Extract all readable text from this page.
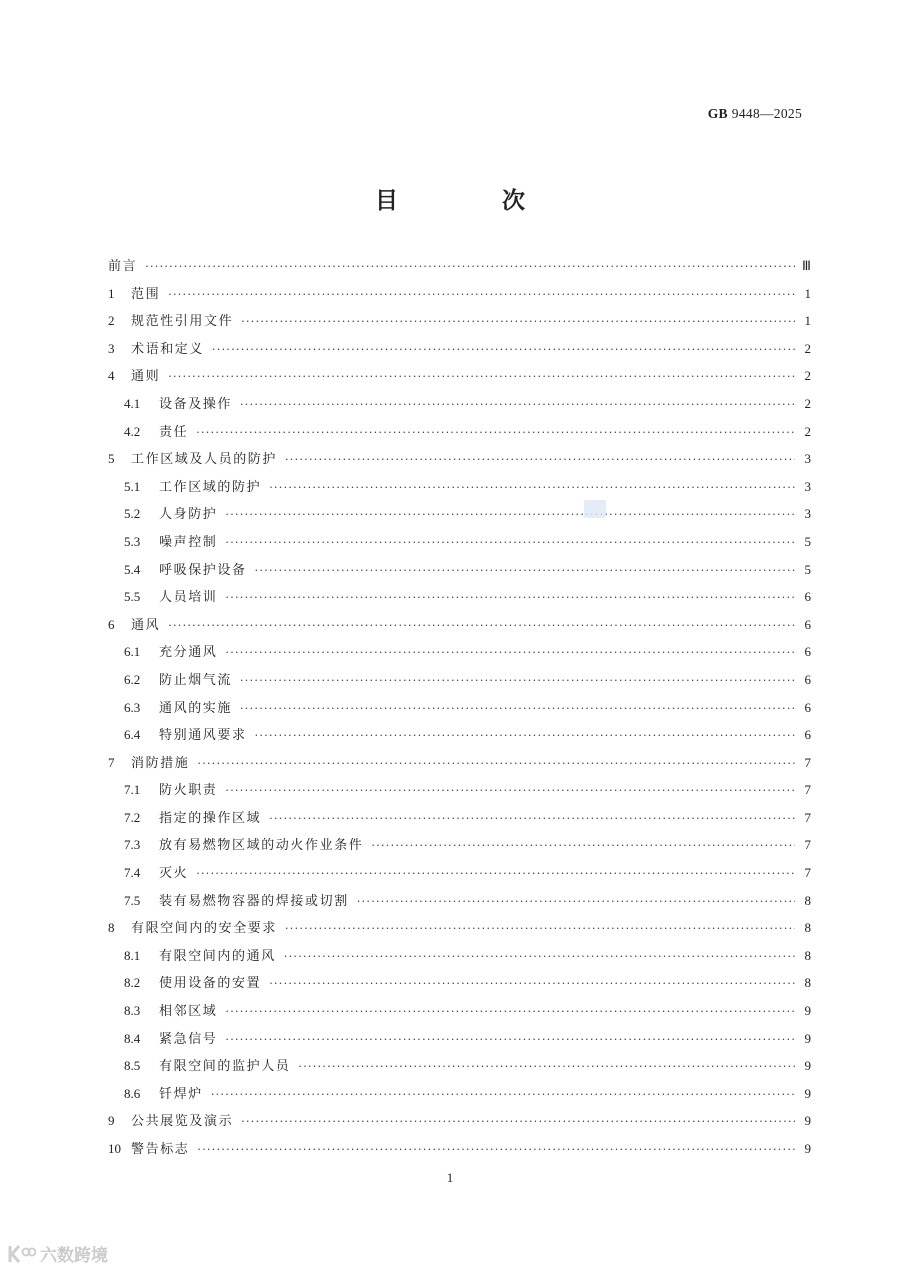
GB 9448—2025
目 次
前言 ·····	Ⅲ
1	范围 ·····	1
2	规范性引用文件 ·····	1
3	术语和定义 ·····	2
4	通则 ·····	2
4.1	设备及操作 ·····	2
4.2	责任 ·····	2
5	工作区域及人员的防护 ·····	3
5.1	工作区域的防护 ·····	3
5.2	人身防护 ·····	3
5.3	噪声控制 ·····	5
5.4	呼吸保护设备 ·····	5
5.5	人员培训 ·····	6
6	通风 ·····	6
6.1	充分通风 ·····	6
6.2	防止烟气流 ·····	6
6.3	通风的实施 ·····	6
6.4	特别通风要求 ·····	6
7	消防措施 ·····	7
7.1	防火职责 ·····	7
7.2	指定的操作区域 ·····	7
7.3	放有易燃物区域的动火作业条件 ·····	7
7.4	灭火 ·····	7
7.5	装有易燃物容器的焊接或切割 ·····	8
8	有限空间内的安全要求 ·····	8
8.1	有限空间内的通风 ·····	8
8.2	使用设备的安置 ·····	8
8.3	相邻区域 ·····	9
8.4	紧急信号 ·····	9
8.5	有限空间的监护人员 ·····	9
8.6	钎焊炉 ·····	9
9	公共展览及演示 ·····	9
10 警告标志 ·····	9
1
六数跨境
